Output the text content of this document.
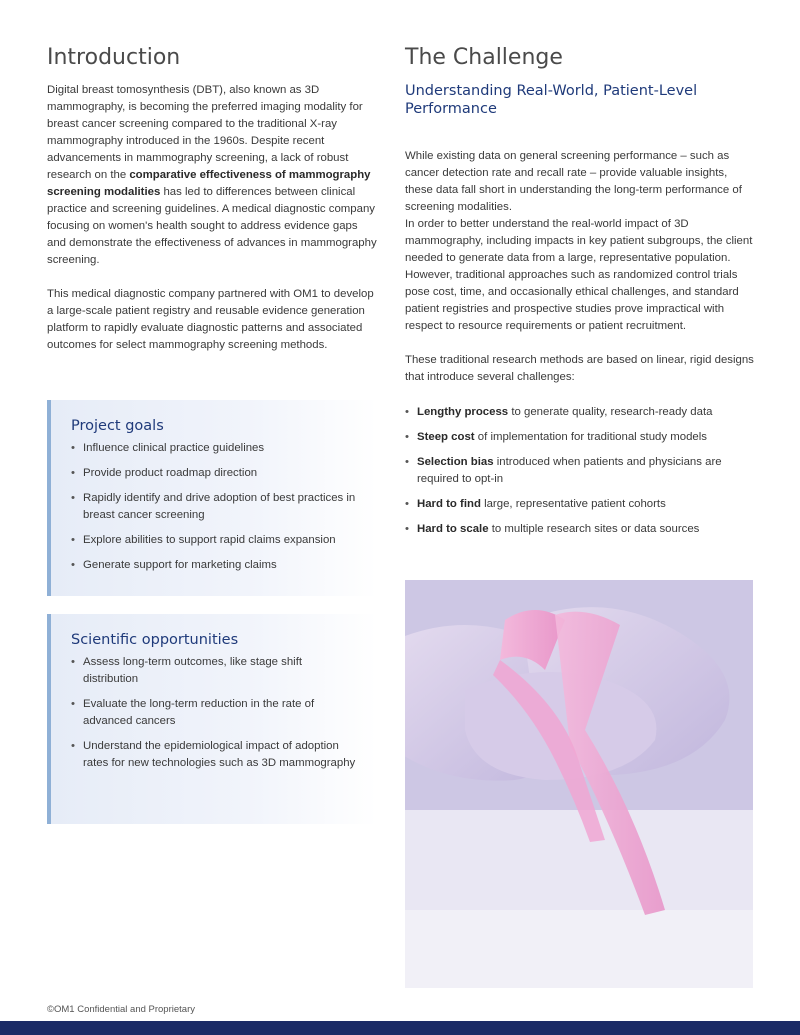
Introduction

Digital breast tomosynthesis (DBT), also known as 3D mammography, is becoming the preferred imaging modality for breast cancer screening compared to the traditional X-ray mammography introduced in the 1960s. Despite recent advancements in mammography screening, a lack of robust research on the comparative effectiveness of mammography screening modalities has led to differences between clinical practice and screening guidelines. A medical diagnostic company focusing on women's health sought to address evidence gaps and demonstrate the effectiveness of advances in mammography screening.

This medical diagnostic company partnered with OM1 to develop a large-scale patient registry and reusable evidence generation platform to rapidly evaluate diagnostic patterns and associated outcomes for select mammography screening methods.

Project goals
• Influence clinical practice guidelines
• Provide product roadmap direction
• Rapidly identify and drive adoption of best practices in breast cancer screening
• Explore abilities to support rapid claims expansion
• Generate support for marketing claims
Scientific opportunities
• Assess long-term outcomes, like stage shift distribution
• Evaluate the long-term reduction in the rate of advanced cancers
• Understand the epidemiological impact of adoption rates for new technologies such as 3D mammography
The Challenge
Understanding Real-World, Patient-Level Performance

While existing data on general screening performance – such as cancer detection rate and recall rate – provide valuable insights, these data fall short in understanding the long-term performance of screening modalities.
In order to better understand the real-world impact of 3D mammography, including impacts in key patient subgroups, the client needed to generate data from a large, representative population. However, traditional approaches such as randomized control trials pose cost, time, and occasionally ethical challenges, and standard patient registries and prospective studies prove impractical with respect to resource requirements or patient recruitment.

These traditional research methods are based on linear, rigid designs that introduce several challenges:

• Lengthy process to generate quality, research-ready data
• Steep cost of implementation for traditional study models
• Selection bias introduced when patients and physicians are required to opt-in
• Hard to find large, representative patient cohorts
• Hard to scale to multiple research sites or data sources
©OM1 Confidential and Proprietary
